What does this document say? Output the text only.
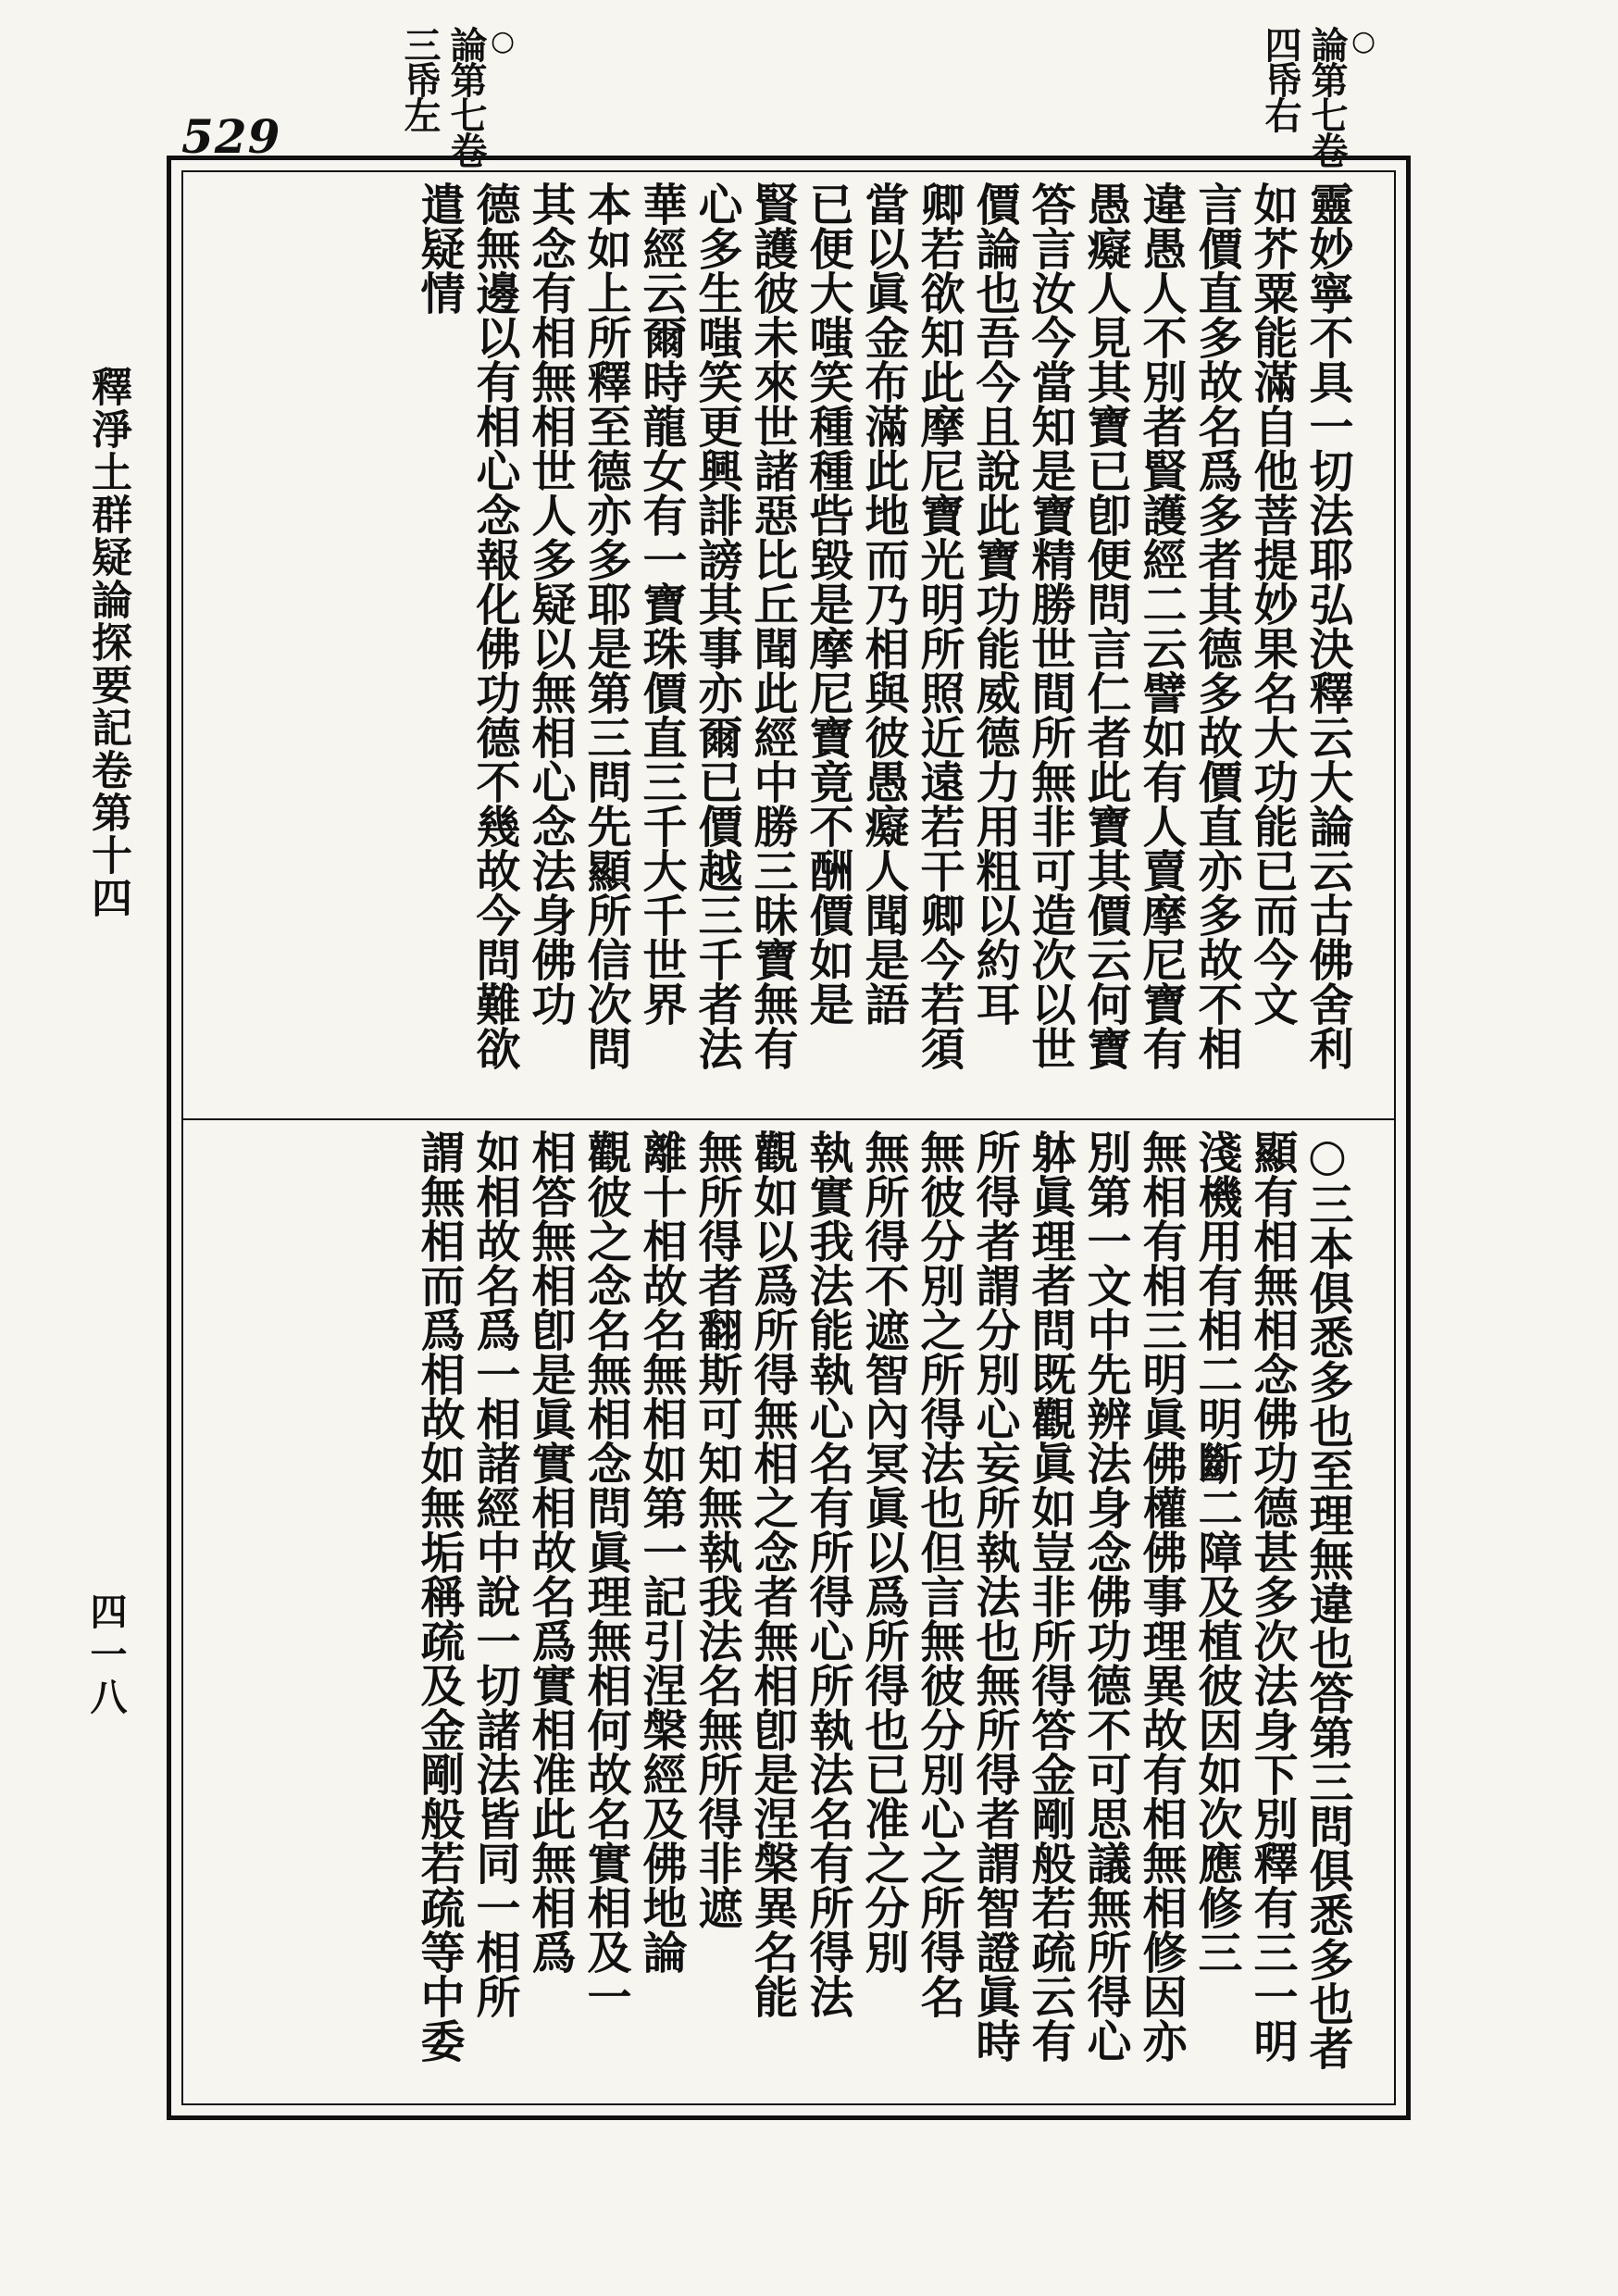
○
論第七卷
四帋右
○
論第七卷
三帋左
529
靈妙寧不具一切法耶弘決釋云大論云古佛舍利
如芥粟能滿自他菩提妙果名大功能已而今文
言價直多故名爲多者其德多故價直亦多故不相
違愚人不別者賢護經二云譬如有人賣摩尼寶有
愚癡人見其寶已卽便問言仁者此寶其價云何寶
答言汝今當知是寶精勝世間所無非可造次以世
價論也吾今且說此寶功能威德力用粗以約耳
卿若欲知此摩尼寶光明所照近遠若干卿今若須
當以眞金布滿此地而乃相與彼愚癡人聞是語
已便大嗤笑種種呰毀是摩尼寶竟不酬價如是
賢護彼未來世諸惡比丘聞此經中勝三昧寶無有
心多生嗤笑更興誹謗其事亦爾已價越三千者法
華經云爾時龍女有一寶珠價直三千大千世界
本如上所釋至德亦多耶是第三問先顯所信次問
其念有相無相世人多疑以無相心念法身佛功
德無邊以有相心念報化佛功德不幾故今問難欲
遣疑情
○三本俱悉多也至理無違也答第三問俱悉多也者
顯有相無相念佛功德甚多次法身下別釋有三一明
淺機用有相二明斷二障及植彼因如次應修三
無相有相三明眞佛權佛事理異故有相無相修因亦
別第一文中先辨法身念佛功德不可思議無所得心
躰眞理者問既觀眞如豈非所得答金剛般若疏云有
所得者謂分別心妄所執法也無所得者謂智證眞時
無彼分別之所得法也但言無彼分別心之所得名
無所得不遮智內冥眞以爲所得也已准之分別
執實我法能執心名有所得心所執法名有所得法
觀如以爲所得無相之念者無相卽是涅槃異名能
無所得者翻斯可知無執我法名無所得非遮
離十相故名無相如第一記引涅槃經及佛地論
觀彼之念名無相念問眞理無相何故名實相及一
相答無相卽是眞實相故名爲實相准此無相爲
如相故名爲一相諸經中說一切諸法皆同一相所
謂無相而爲相故如無垢稱疏及金剛般若疏等中委
釋淨土群疑論探要記卷第十四
四一八
